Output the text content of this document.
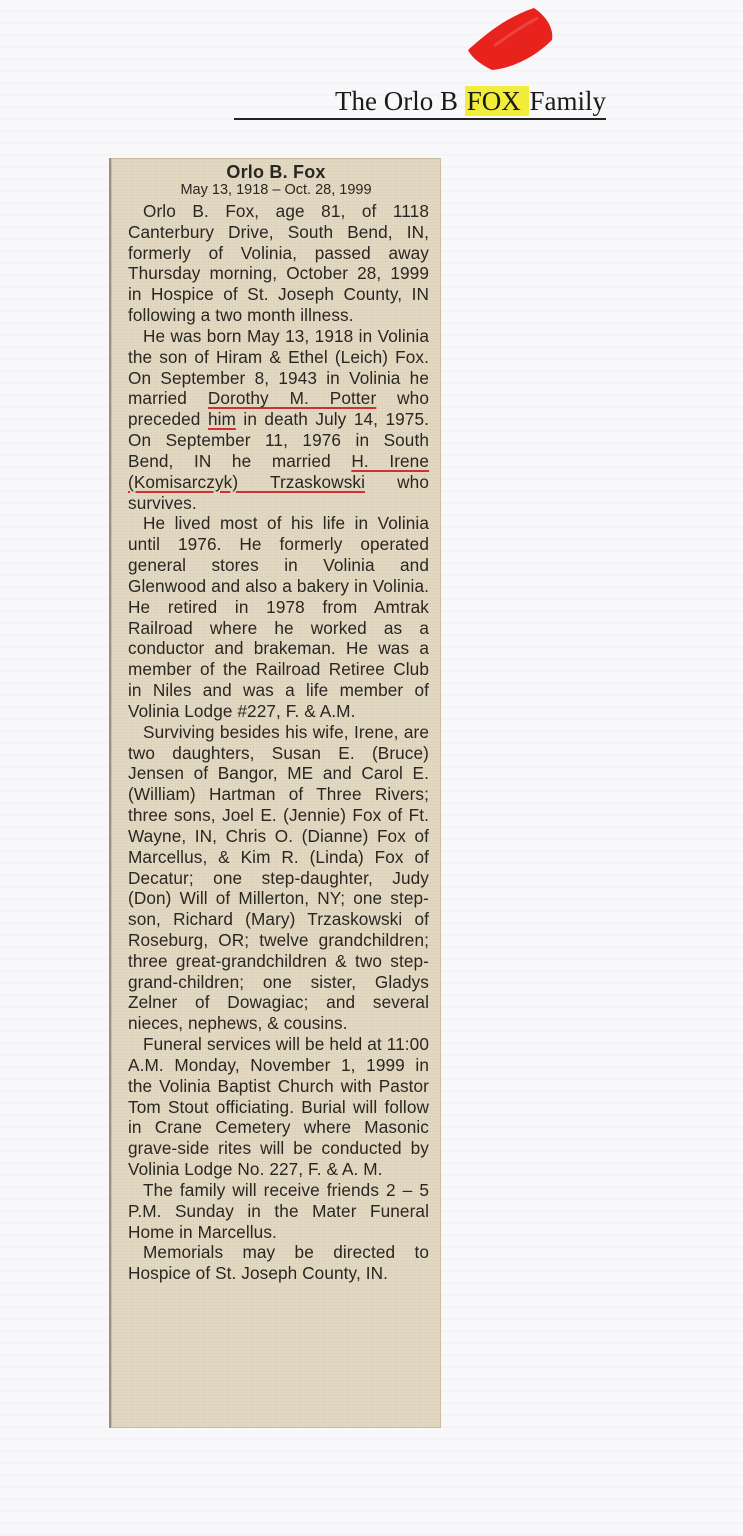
The Orlo B FOX Family
Orlo B. Fox
May 13, 1918 – Oct. 28, 1999

Orlo B. Fox, age 81, of 1118 Canterbury Drive, South Bend, IN, formerly of Volinia, passed away Thursday morning, October 28, 1999 in Hospice of St. Joseph County, IN following a two month illness.

He was born May 13, 1918 in Volinia the son of Hiram & Ethel (Leich) Fox. On September 8, 1943 in Volinia he married Dorothy M. Potter who preceded him in death July 14, 1975. On September 11, 1976 in South Bend, IN he married H. Irene (Komisarczyk) Trzaskowski who survives.

He lived most of his life in Volinia until 1976. He formerly operated general stores in Volinia and Glenwood and also a bakery in Volinia. He retired in 1978 from Amtrak Railroad where he worked as a conductor and brakeman. He was a member of the Railroad Retiree Club in Niles and was a life member of Volinia Lodge #227, F. & A.M.

Surviving besides his wife, Irene, are two daughters, Susan E. (Bruce) Jensen of Bangor, ME and Carol E. (William) Hartman of Three Rivers; three sons, Joel E. (Jennie) Fox of Ft. Wayne, IN, Chris O. (Dianne) Fox of Marcellus, & Kim R. (Linda) Fox of Decatur; one step-daughter, Judy (Don) Will of Millerton, NY; one step-son, Richard (Mary) Trzaskowski of Roseburg, OR; twelve grandchildren; three great-grandchildren & two step-grand-children; one sister, Gladys Zelner of Dowagiac; and several nieces, nephews, & cousins.

Funeral services will be held at 11:00 A.M. Monday, November 1, 1999 in the Volinia Baptist Church with Pastor Tom Stout officiating. Burial will follow in Crane Cemetery where Masonic grave-side rites will be conducted by Volinia Lodge No. 227, F. & A. M.

The family will receive friends 2 – 5 P.M. Sunday in the Mater Funeral Home in Marcellus.

Memorials may be directed to Hospice of St. Joseph County, IN.
